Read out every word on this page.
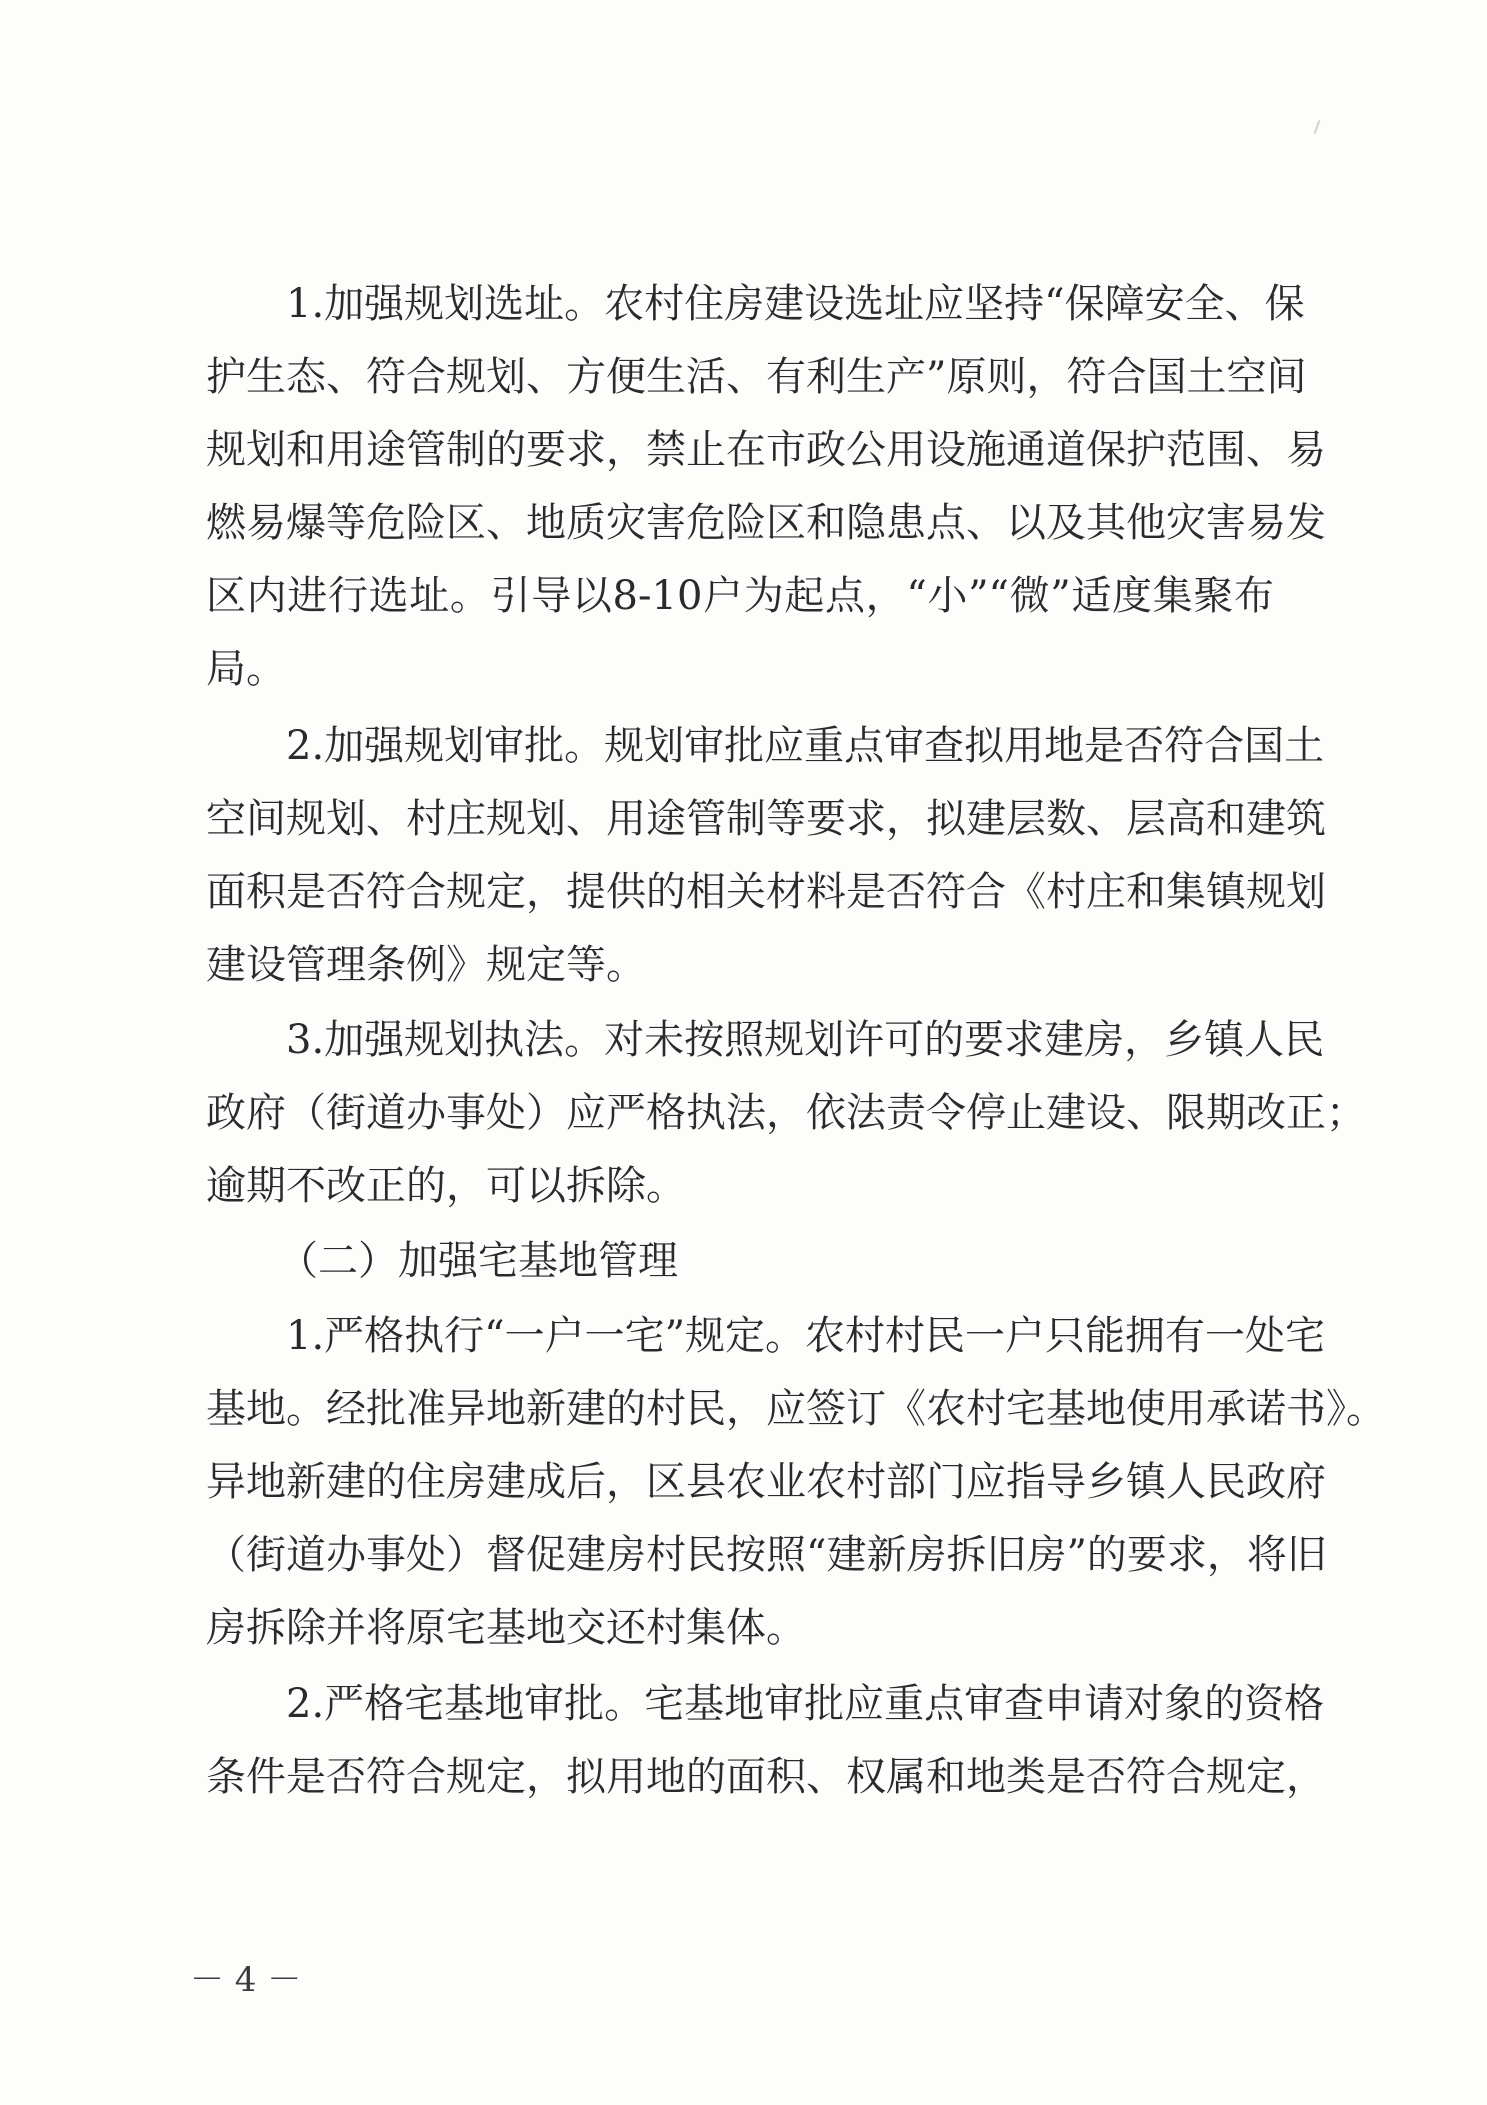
1.加强规划选址。农村住房建设选址应坚持“保障安全、保
护生态、符合规划、方便生活、有利生产”原则，符合国土空间
规划和用途管制的要求，禁止在市政公用设施通道保护范围、易
燃易爆等危险区、地质灾害危险区和隐患点、以及其他灾害易发
区内进行选址。引导以8-10户为起点，“小”“微”适度集聚布
局。
2.加强规划审批。规划审批应重点审查拟用地是否符合国土
空间规划、村庄规划、用途管制等要求，拟建层数、层高和建筑
面积是否符合规定，提供的相关材料是否符合《村庄和集镇规划
建设管理条例》规定等。
3.加强规划执法。对未按照规划许可的要求建房，乡镇人民
政府（街道办事处）应严格执法，依法责令停止建设、限期改正；
逾期不改正的，可以拆除。
（二）加强宅基地管理
1.严格执行“一户一宅”规定。农村村民一户只能拥有一处宅
基地。经批准异地新建的村民，应签订《农村宅基地使用承诺书》。
异地新建的住房建成后，区县农业农村部门应指导乡镇人民政府
（街道办事处）督促建房村民按照“建新房拆旧房”的要求，将旧
房拆除并将原宅基地交还村集体。
2.严格宅基地审批。宅基地审批应重点审查申请对象的资格
条件是否符合规定，拟用地的面积、权属和地类是否符合规定，
－ 4 －
